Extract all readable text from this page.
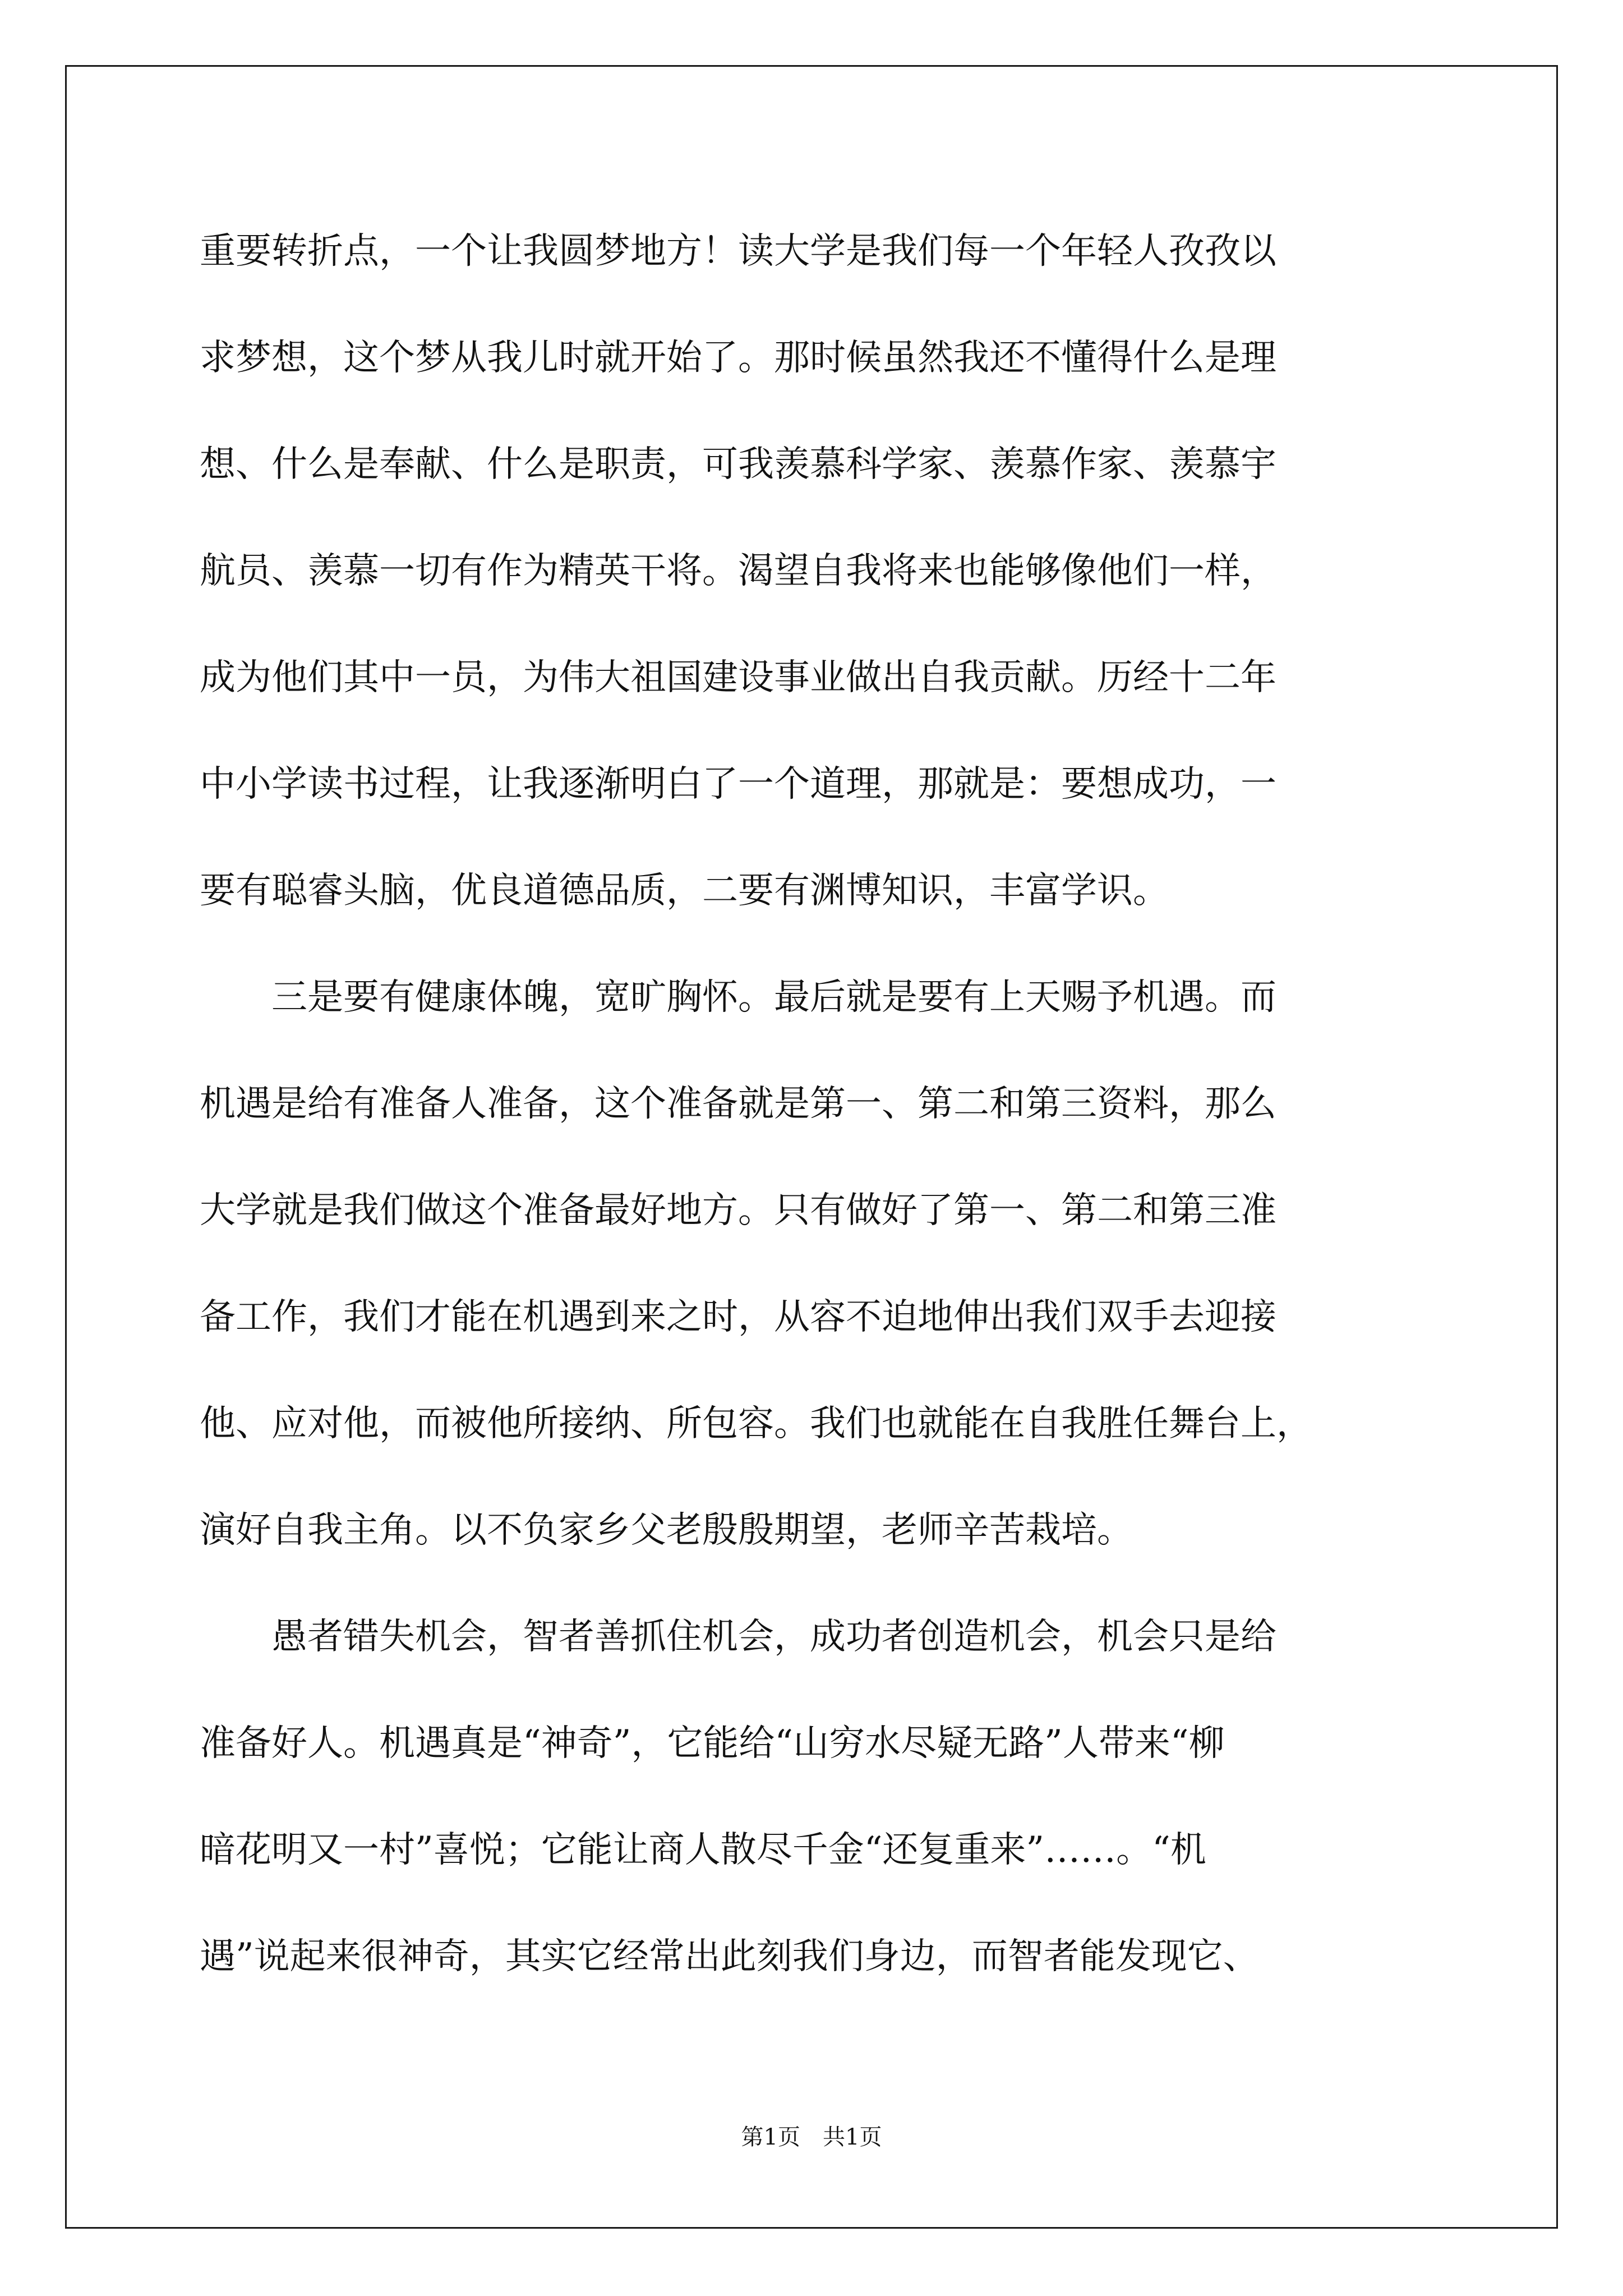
重要转折点，一个让我圆梦地方！读大学是我们每一个年轻人孜孜以

求梦想，这个梦从我儿时就开始了。那时候虽然我还不懂得什么是理

想、什么是奉献、什么是职责，可我羡慕科学家、羡慕作家、羡慕宇

航员、羡慕一切有作为精英干将。渴望自我将来也能够像他们一样，

成为他们其中一员，为伟大祖国建设事业做出自我贡献。历经十二年

中小学读书过程，让我逐渐明白了一个道理，那就是：要想成功，一

要有聪睿头脑，优良道德品质，二要有渊博知识，丰富学识。

　　三是要有健康体魄，宽旷胸怀。最后就是要有上天赐予机遇。而

机遇是给有准备人准备，这个准备就是第一、第二和第三资料，那么

大学就是我们做这个准备最好地方。只有做好了第一、第二和第三准

备工作，我们才能在机遇到来之时，从容不迫地伸出我们双手去迎接

他、应对他，而被他所接纳、所包容。我们也就能在自我胜任舞台上，

演好自我主角。以不负家乡父老殷殷期望，老师辛苦栽培。

　　愚者错失机会，智者善抓住机会，成功者创造机会，机会只是给

准备好人。机遇真是“神奇”，它能给“山穷水尽疑无路”人带来“柳

暗花明又一村”喜悦；它能让商人散尽千金“还复重来”……。“机

遇”说起来很神奇，其实它经常出此刻我们身边，而智者能发现它、

第1页　共1页
